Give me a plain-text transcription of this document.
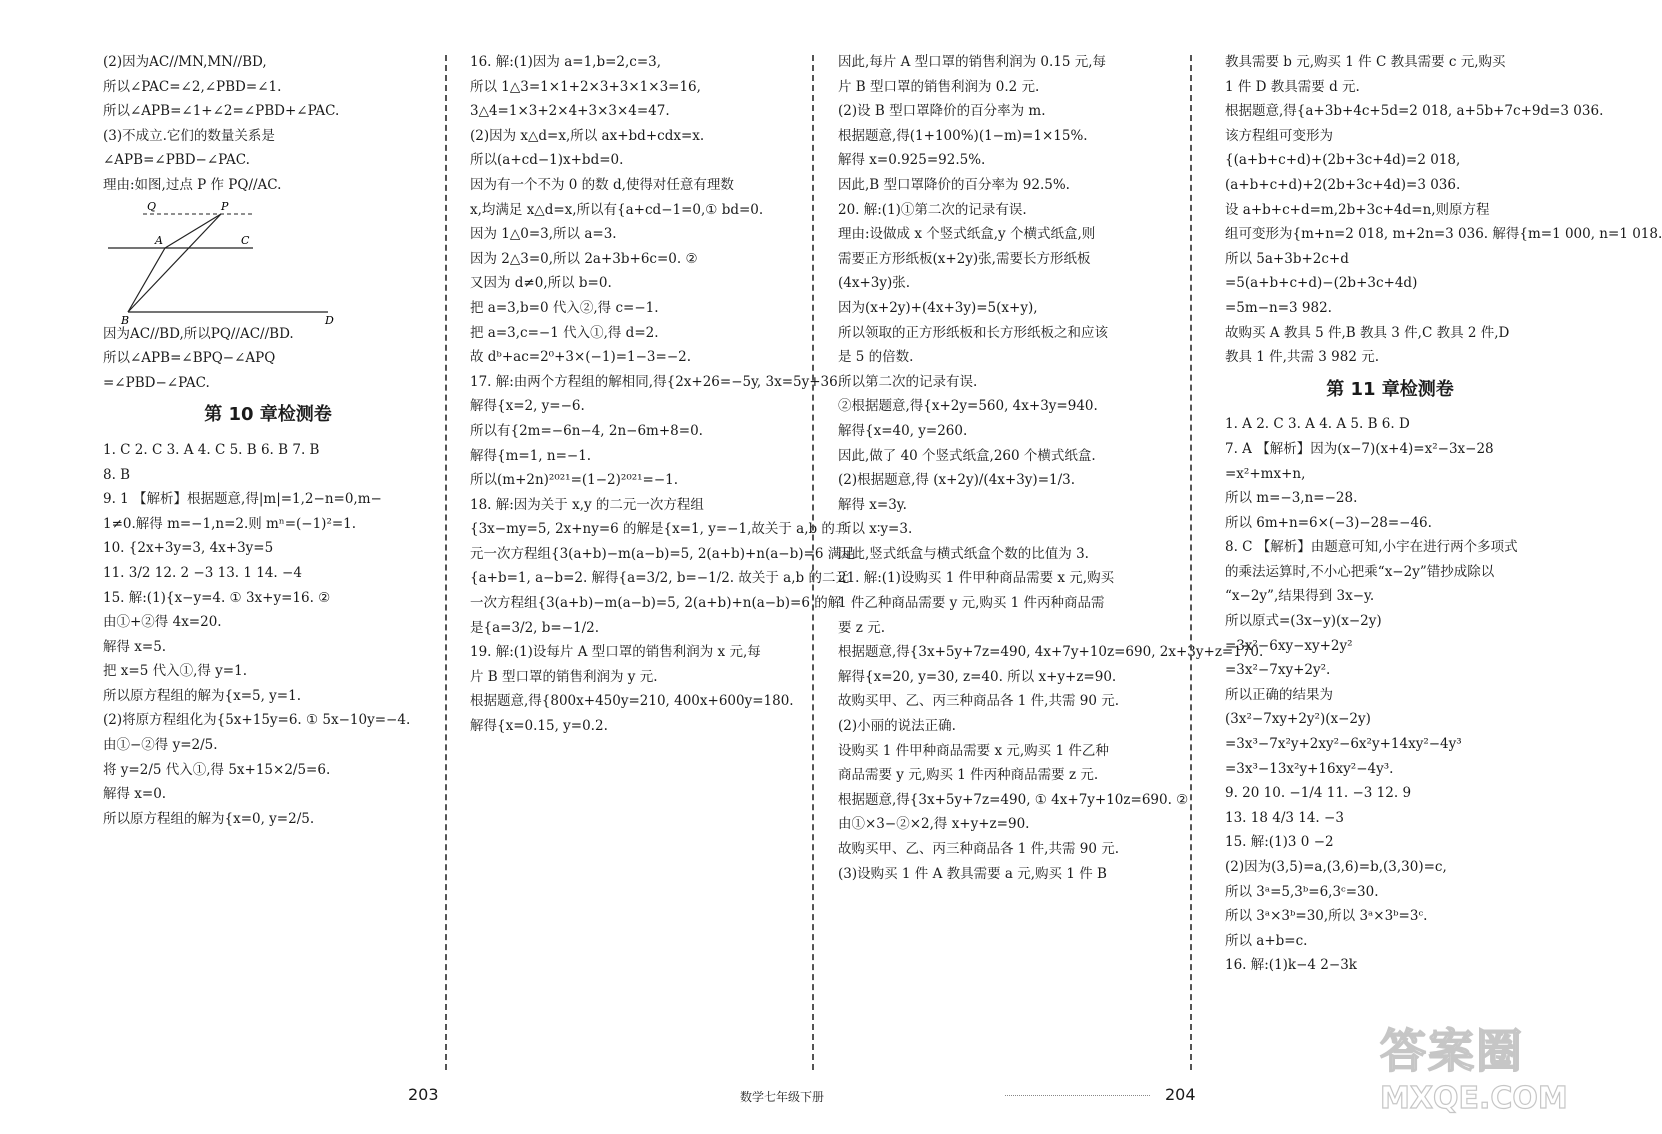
(2)因为AC//MN,MN//BD,
所以∠PAC=∠2,∠PBD=∠1.
所以∠APB=∠1+∠2=∠PBD+∠PAC.
(3)不成立.它们的数量关系是
∠APB=∠PBD−∠PAC.
理由:如图,过点 P 作 PQ//AC.
Q	P
A	C
B	D
因为AC//BD,所以PQ//AC//BD.
所以∠APB=∠BPQ−∠APQ
=∠PBD−∠PAC.
第 10 章检测卷
1. C 2. C 3. A 4. C 5. B 6. B 7. B
8. B
9. 1 【解析】根据题意,得|m|=1,2−n=0,m−
1≠0.解得 m=−1,n=2.则 mⁿ=(−1)²=1.
10. {2x+3y=3, 4x+3y=5
11. 3/2 12. 2 −3 13. 1 14. −4
15. 解:(1){x−y=4. ① 3x+y=16. ②
由①+②得 4x=20.
解得 x=5.
把 x=5 代入①,得 y=1.
所以原方程组的解为{x=5, y=1.
(2)将原方程组化为{5x+15y=6. ① 5x−10y=−4.
由①−②得 y=2/5.
将 y=2/5 代入①,得 5x+15×2/5=6.
解得 x=0.
所以原方程组的解为{x=0, y=2/5.
16. 解:(1)因为 a=1,b=2,c=3,
所以 1△3=1×1+2×3+3×1×3=16,
3△4=1×3+2×4+3×3×4=47.
(2)因为 x△d=x,所以 ax+bd+cdx=x.
所以(a+cd−1)x+bd=0.
因为有一个不为 0 的数 d,使得对任意有理数
x,均满足 x△d=x,所以有{a+cd−1=0,① bd=0.
因为 1△0=3,所以 a=3.
因为 2△3=0,所以 2a+3b+6c=0. ②
又因为 d≠0,所以 b=0.
把 a=3,b=0 代入②,得 c=−1.
把 a=3,c=−1 代入①,得 d=2.
故 dᵇ+ac=2⁰+3×(−1)=1−3=−2.
17. 解:由两个方程组的解相同,得{2x+26=−5y, 3x=5y+36.
解得{x=2, y=−6.
所以有{2m=−6n−4, 2n−6m+8=0.
解得{m=1, n=−1.
所以(m+2n)²⁰²¹=(1−2)²⁰²¹=−1.
18. 解:因为关于 x,y 的二元一次方程组
{3x−my=5, 2x+ny=6 的解是{x=1, y=−1,故关于 a,b 的二
元一次方程组{3(a+b)−m(a−b)=5, 2(a+b)+n(a−b)=6 满足
{a+b=1, a−b=2. 解得{a=3/2, b=−1/2. 故关于 a,b 的二元
一次方程组{3(a+b)−m(a−b)=5, 2(a+b)+n(a−b)=6 的解
是{a=3/2, b=−1/2.
19. 解:(1)设每片 A 型口罩的销售利润为 x 元,每
片 B 型口罩的销售利润为 y 元.
根据题意,得{800x+450y=210, 400x+600y=180.
解得{x=0.15, y=0.2.
因此,每片 A 型口罩的销售利润为 0.15 元,每
片 B 型口罩的销售利润为 0.2 元.
(2)设 B 型口罩降价的百分率为 m.
根据题意,得(1+100%)(1−m)=1×15%.
解得 x=0.925=92.5%.
因此,B 型口罩降价的百分率为 92.5%.
20. 解:(1)①第二次的记录有误.
理由:设做成 x 个竖式纸盒,y 个横式纸盒,则
需要正方形纸板(x+2y)张,需要长方形纸板
(4x+3y)张.
因为(x+2y)+(4x+3y)=5(x+y),
所以领取的正方形纸板和长方形纸板之和应该
是 5 的倍数.
所以第二次的记录有误.
②根据题意,得{x+2y=560, 4x+3y=940.
解得{x=40, y=260.
因此,做了 40 个竖式纸盒,260 个横式纸盒.
(2)根据题意,得 (x+2y)/(4x+3y)=1/3.
解得 x=3y.
所以 x∶y=3.
因此,竖式纸盒与横式纸盒个数的比值为 3.
21. 解:(1)设购买 1 件甲种商品需要 x 元,购买
1 件乙种商品需要 y 元,购买 1 件丙种商品需
要 z 元.
根据题意,得{3x+5y+7z=490, 4x+7y+10z=690, 2x+3y+z=170.
解得{x=20, y=30, z=40. 所以 x+y+z=90.
故购买甲、乙、丙三种商品各 1 件,共需 90 元.
(2)小丽的说法正确.
设购买 1 件甲种商品需要 x 元,购买 1 件乙种
商品需要 y 元,购买 1 件丙种商品需要 z 元.
根据题意,得{3x+5y+7z=490, ① 4x+7y+10z=690. ②
由①×3−②×2,得 x+y+z=90.
故购买甲、乙、丙三种商品各 1 件,共需 90 元.
(3)设购买 1 件 A 教具需要 a 元,购买 1 件 B
教具需要 b 元,购买 1 件 C 教具需要 c 元,购买
1 件 D 教具需要 d 元.
根据题意,得{a+3b+4c+5d=2 018, a+5b+7c+9d=3 036.
该方程组可变形为
{(a+b+c+d)+(2b+3c+4d)=2 018,
(a+b+c+d)+2(2b+3c+4d)=3 036.
设 a+b+c+d=m,2b+3c+4d=n,则原方程
组可变形为{m+n=2 018, m+2n=3 036. 解得{m=1 000, n=1 018.
所以 5a+3b+2c+d
=5(a+b+c+d)−(2b+3c+4d)
=5m−n=3 982.
故购买 A 教具 5 件,B 教具 3 件,C 教具 2 件,D
教具 1 件,共需 3 982 元.
第 11 章检测卷
1. A 2. C 3. A 4. A 5. B 6. D
7. A 【解析】因为(x−7)(x+4)=x²−3x−28
=x²+mx+n,
所以 m=−3,n=−28.
所以 6m+n=6×(−3)−28=−46.
8. C 【解析】由题意可知,小宇在进行两个多项式
的乘法运算时,不小心把乘“x−2y”错抄成除以
“x−2y”,结果得到 3x−y.
所以原式=(3x−y)(x−2y)
=3x²−6xy−xy+2y²
=3x²−7xy+2y².
所以正确的结果为
(3x²−7xy+2y²)(x−2y)
=3x³−7x²y+2xy²−6x²y+14xy²−4y³
=3x³−13x²y+16xy²−4y³.
9. 20 10. −1/4 11. −3 12. 9
13. 18 4/3 14. −3
15. 解:(1)3 0 −2
(2)因为(3,5)=a,(3,6)=b,(3,30)=c,
所以 3ᵃ=5,3ᵇ=6,3ᶜ=30.
所以 3ᵃ×3ᵇ=30,所以 3ᵃ×3ᵇ=3ᶜ.
所以 a+b=c.
16. 解:(1)k−4 2−3k
203	数学七年级下册	204
答案圈
MXQE.COM
